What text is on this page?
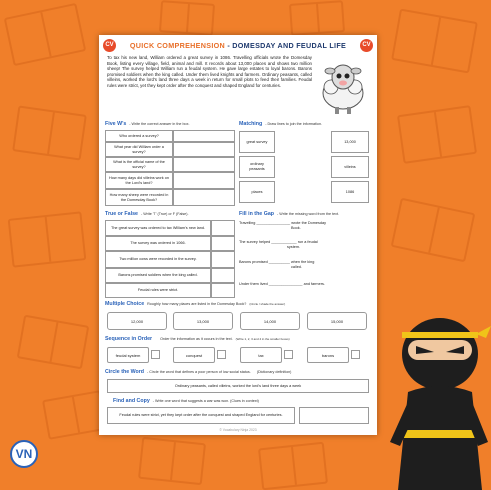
CV	CV
QUICK COMPREHENSION - DOMESDAY AND FEUDAL LIFE

To tax his new land, William ordered a great survey in 1086. Travelling officials wrote the Domesday Book, listing every village, field, animal and mill. It records about 13,000 places and shows two million sheep! The survey helped William run a feudal system. He gave large estates to loyal barons. Barons promised soldiers when the king called. Under them lived knights and farmers. Ordinary peasants, called villeins, worked the lord's land three days a week in return for small plots to feed their families. Feudal rules were strict, yet they kept order after the conquest and shaped England for centuries.

Five W's - Write the correct answer in the box.
Who ordered a survey?
What year did William order a survey?
What is the official name of the survey?
How many days did villeins work on the Lord's land?
How many sheep were recorded in the Domesday Book?
Matching - Draw lines to join the information.
great survey
ordinary peasants
places
13,000
villeins
1086
True or False - Write 'T' (True) or F (False).
The great survey was ordered to tax William's new land.
The survey was ordered in 1066.
Two million cows were recorded in the survey.
Barons promised soldiers when the king called.
Feudal rules were strict.
Fill in the Gap - Write the missing word from the text.
Travelling ________________ wrote the Domesday
Book.
The survey helped ____________ run a feudal
system.
Barons promised __________ when the king
called.
Under them lived ________________ and farmers.
Multiple Choice Roughly how many places are listed in the Domesday Book? (Circle / shade the answer)
12,000	13,000	14,000	15,000
Sequence in Order Order the information as it occurs in the text. (Write 1, 2, 3 and 4 in the smaller boxes)
feudal system	conquest	tax	barons
Circle the Word - Circle the word that defines a poor person of low social status. (Dictionary definition)
Ordinary peasants, called villeins, worked the lord's land three days a week
Find and Copy - Write one word that suggests a war was won. (Clues in context)
Feudal rules were strict, yet they kept order after the conquest and shaped England for centuries.
© Vocabulary Ninja 2023
VN
